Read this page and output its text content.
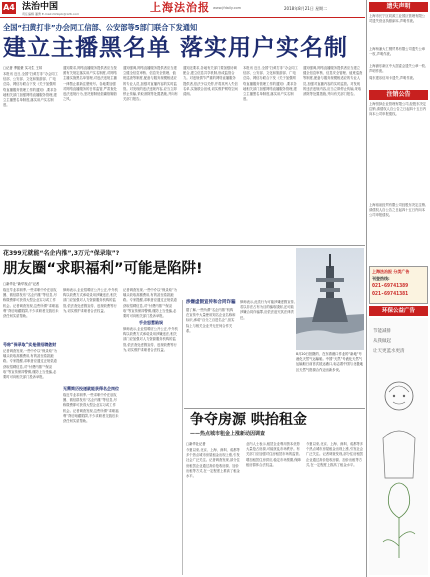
A4 法治中国
责任编辑 潘勇 E-mail:rbhbpb@126.com	上海法治报 www.jfdaily.com	2018年8月21日 星期二
全国“扫黄打非”办会同工信部、公安部等5部门联合下发通知
建立主播黑名单 落实用户实名制
□记者 季振豪 实习生 王邦
本报讯 近日,全国“扫黄打非”办会同工信部、公安部、文化和旅游部、广电总局、网信办联合下发《关于加强网络直播服务管理工作的通知》,要求各地相关部门加强网络直播服务管理,建立主播黑名单制度,落实用户实名制度。
通知要求,网络直播服务提供者应当按照有关规定落实用户实名制度,对网络主播实施黑名单管理,对违法违规主播一律禁止重新注册账号。各地要加强对网络直播服务的日常监管,严肃查处违法违规行为,坚决遏制低俗庸俗媚俗之风。
通知强调,网络直播服务提供者应当建立健全信息审核、信息安全管理、值班巡查等制度,配备与服务规模相适应的专业人员,加强对直播内容的实时监管。对发现的违法违规内容,应当立即停止传输,采取消除等处置措施,并向有关部门报告。
通知还要求,各地有关部门要加强协调配合,建立信息共享机制,形成监管合力。对违规情节严重的网络直播服务提供者,依法予以关停,并将其列入失信名单,实施联合惩戒,切实维护网络空间清朗。
本报讯 近日,全国“扫黄打非”办会同工信部、公安部、文化和旅游部、广电总局、网信办联合下发《关于加强网络直播服务管理工作的通知》,要求各地相关部门加强网络直播服务管理,建立主播黑名单制度,落实用户实名制度。
通知强调,网络直播服务提供者应当建立健全信息审核、信息安全管理、值班巡查等制度,配备与服务规模相适应的专业人员,加强对直播内容的实时监管。对发现的违法违规内容,应当立即停止传输,采取消除等处置措施,并向有关部门报告。
花399元就能“名企内推”,3万元“保录取”?
朋友圈“求职福利”可能是陷阱!
□新华社“新华视点”记者
临近毕业求职季,一些求职中介在朋友圈、微信群发布“名企内推”等信息,号称缴费即可获得大型企业实习或工作机会。记者调查发现,这些所谓“求职福利”背后暗藏陷阱,不少求职者交钱后未获任何实质帮助。
号称“保录取”实是借招聘敛财
记者调查发现,一些中介以“保录取”为噱头收取高额费用,有的甚至卷款跑路。专家提醒,求职者应通过正规渠道获取招聘信息,对“付费内推”“保录取”等宣传保持警惕,谨防上当受骗,必要时可向相关部门投诉举报。
律师表示,企业招聘应公开公正,中介机构以收费方式承诺录用涉嫌违法,相关部门应加强对人力资源服务机构的监管,依法查处虚假宣传、违规收费等行为,切实维护求职者合法权益。
无需简历投递就能获得名企岗位
临近毕业求职季,一些求职中介在朋友圈、微信群发布“名企内推”等信息,号称缴费即可获得大型企业实习或工作机会。记者调查发现,这些所谓“求职福利”背后暗藏陷阱,不少求职者交钱后未获任何实质帮助。
记者调查发现,一些中介以“保录取”为噱头收取高额费用,有的甚至卷款跑路。专家提醒,求职者应通过正规渠道获取招聘信息,对“付费内推”“保录取”等宣传保持警惕,谨防上当受骗,必要时可向相关部门投诉举报。
手会怒惹陷误
律师表示,企业招聘应公开公正,中介机构以收费方式承诺录用涉嫌违法,相关部门应加强对人力资源服务机构的监管,依法查处虚假宣传、违规收费等行为,切实维护求职者合法权益。
涉嫌虚假宣传和合同诈骗
据了解,一些所谓“名企内推”机构在宣传中大量使用知名企业名称和标识,承诺“百分之百进名企”,但实际上与相关企业并无任何合作关系。
律师表示,此类行为可能涉嫌虚假宣传,若以非法占有为目的骗取钱财,还可能涉嫌合同诈骗罪,应依法追究其法律责任。
8月20日拍摄的、在东湾港口作业的“新地”号液化天然气运输船。中国“天然”号液化天然气运输船日前首次抵达港口,标志着中国与北极地区天然气资源合作迈出新步伐。
争夺房源 哄抬租金
——热点城市租金上涨新动因调查
□新华社记者
今夏以来,北京、上海、深圳、成都等多个热点城市房屋租金出现上涨,引发社会广泛关注。记者调查发现,部分住房租赁企业通过高价抢收房源、加价出租等方式,在一定程度上推高了租金水平。
业内人士表示,租赁企业利用资本优势大量抢占房源,可能扰乱市场秩序。有关部门应加强对住房租赁市场的监管,增加租赁住房供应,稳定市场预期,保障租房群体合法权益。
今夏以来,北京、上海、深圳、成都等多个热点城市房屋租金出现上涨,引发社会广泛关注。记者调查发现,部分住房租赁企业通过高价抢收房源、加价出租等方式,在一定程度上推高了租金水平。
遗失声明
上海市长宁区同源工业园区管理有限公司遗失营业执照副本,声明作废。
上海杨浦大仁钢贸易有限公司遗失公章一枚,声明作废。
上海浦东新区中大居委会遗失公章一枚,声明作废。
周东建乐信用卡遗失,声明作废。
注销公告
上海恒择企业管理有限公司,经股东决定注销,请债权人自公告之日起四十五日内向本公司申报债权。
上海裕泉经贸有限公司经股东决定注销,请债权人自公告之日起四十五日内向本公司申报债权。
上海法治报 分类广告
刊登热线:
021-69741389
021-69741381
环保公益广告
节能减排
从我做起
让天更蓝水更清
